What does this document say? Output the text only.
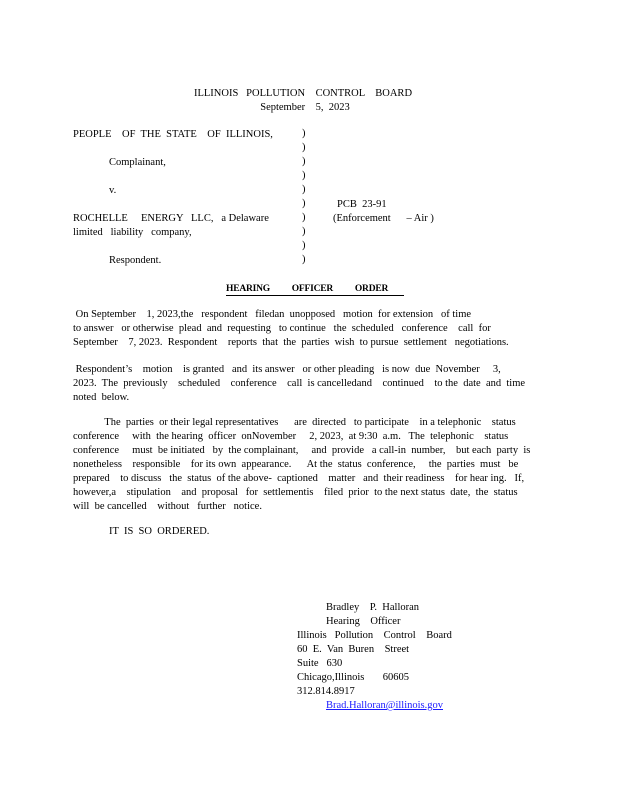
ILLINOIS   POLLUTION    CONTROL    BOARD
September    5,  2023
PEOPLE    OF  THE  STATE    OF  ILLINOIS,
Complainant,
v.
ROCHELLE     ENERGY   LLC,   a Delaware
limited   liability   company,
Respondent.
)
)
)
)
)
)
)
)
)
)
PCB  23-91
(Enforcement      – Air )
HEARING          OFFICER          ORDER
On September    1, 2023,the   respondent   filedan  unopposed   motion  for extension   of time
to answer   or otherwise  plead  and  requesting   to continue   the  scheduled   conference    call  for
September    7, 2023.  Respondent    reports  that  the  parties  wish  to pursue  settlement   negotiations.
Respondent’s    motion    is granted   and  its answer   or other pleading   is now  due  November     3,
2023.  The  previously    scheduled    conference    call  is cancelledand    continued    to the  date  and  time
noted  below.
The  parties  or their legal representatives      are  directed   to participate    in a telephonic    status
conference     with  the hearing  officer  onNovember     2, 2023,  at 9:30  a.m.   The  telephonic    status
conference     must  be initiated   by  the complainant,     and  provide   a call-in  number,    but each  party  is
nonetheless    responsible    for its own  appearance.      At the  status  conference,     the  parties  must   be
prepared    to discuss   the  status  of the above-  captioned    matter   and  their readiness    for hear ing.   If,
however,a    stipulation    and  proposal   for  settlementis    filed  prior  to the next status  date,  the  status
will  be cancelled    without   further   notice.
IT  IS  SO  ORDERED.
Bradley    P.  Halloran
Hearing    Officer
Illinois   Pollution    Control    Board
60  E.  Van  Buren    Street
Suite   630
Chicago,Illinois       60605
312.814.8917
Brad.Halloran@illinois.gov
